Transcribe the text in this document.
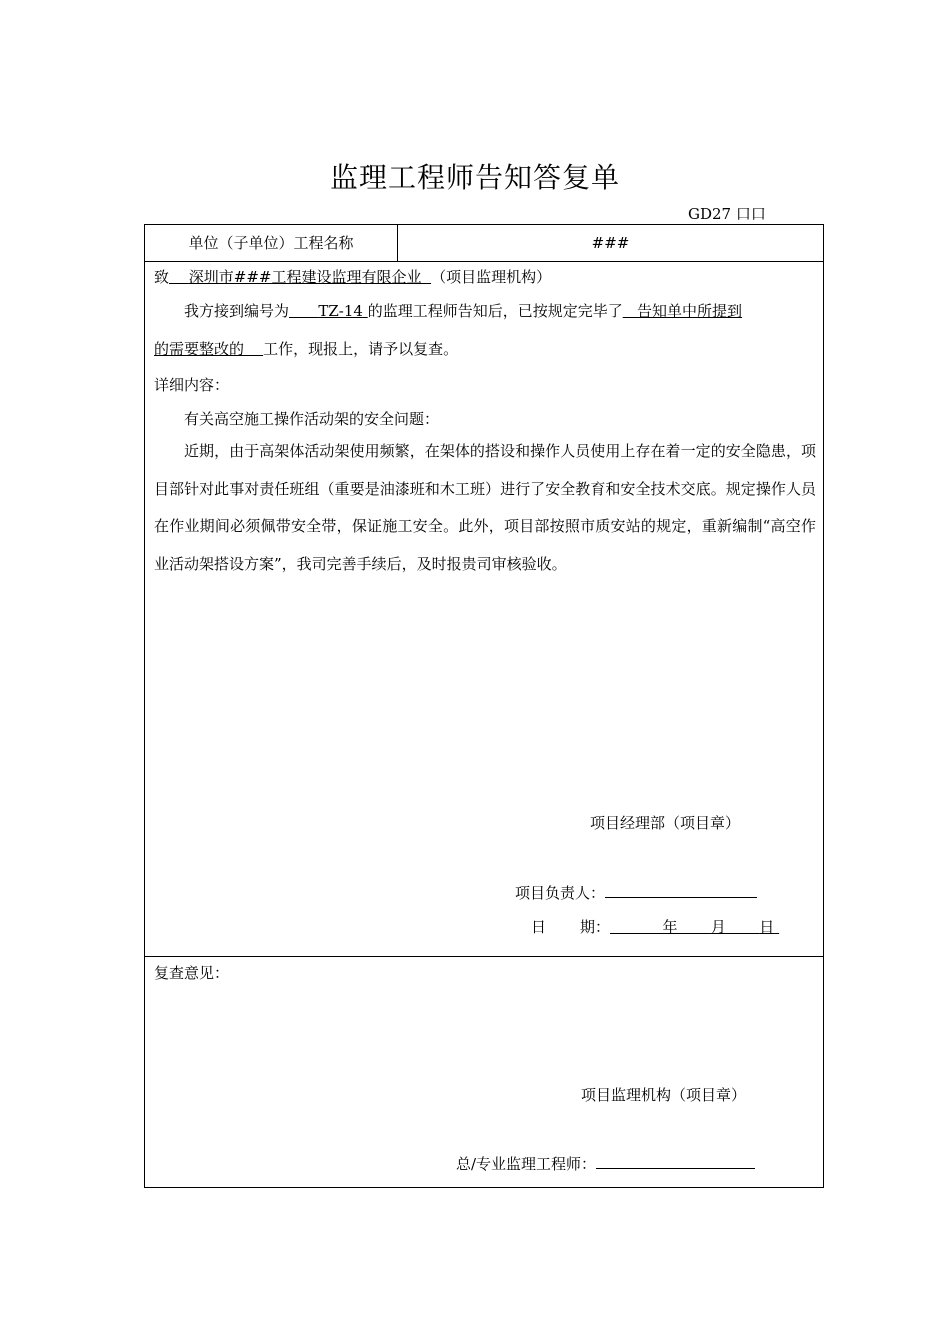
监理工程师告知答复单
GD27 口口
单位（子单位）工程名称	###
致　 深圳市###工程建设监理有限企业 （项目监理机构）
我方接到编号为　 TZ-14 的监理工程师告知后，已按规定完毕了 告知单中所提到
的需要整改的 工作，现报上，请予以复查。
详细内容：
有关高空施工操作活动架的安全问题：
近期，由于高架体活动架使用频繁，在架体的搭设和操作人员使用上存在着一定的安全隐患，项目部针对此事对责任班组（重要是油漆班和木工班）进行了安全教育和安全技术交底。规定操作人员在作业期间必须佩带安全带，保证施工安全。此外，项目部按照市质安站的规定，重新编制“高空作业活动架搭设方案”，我司完善手续后，及时报贵司审核验收。
项目经理部（项目章）
项目负责人：
日 期：	年 月 日
复查意见：
项目监理机构（项目章）
总/专业监理工程师：
